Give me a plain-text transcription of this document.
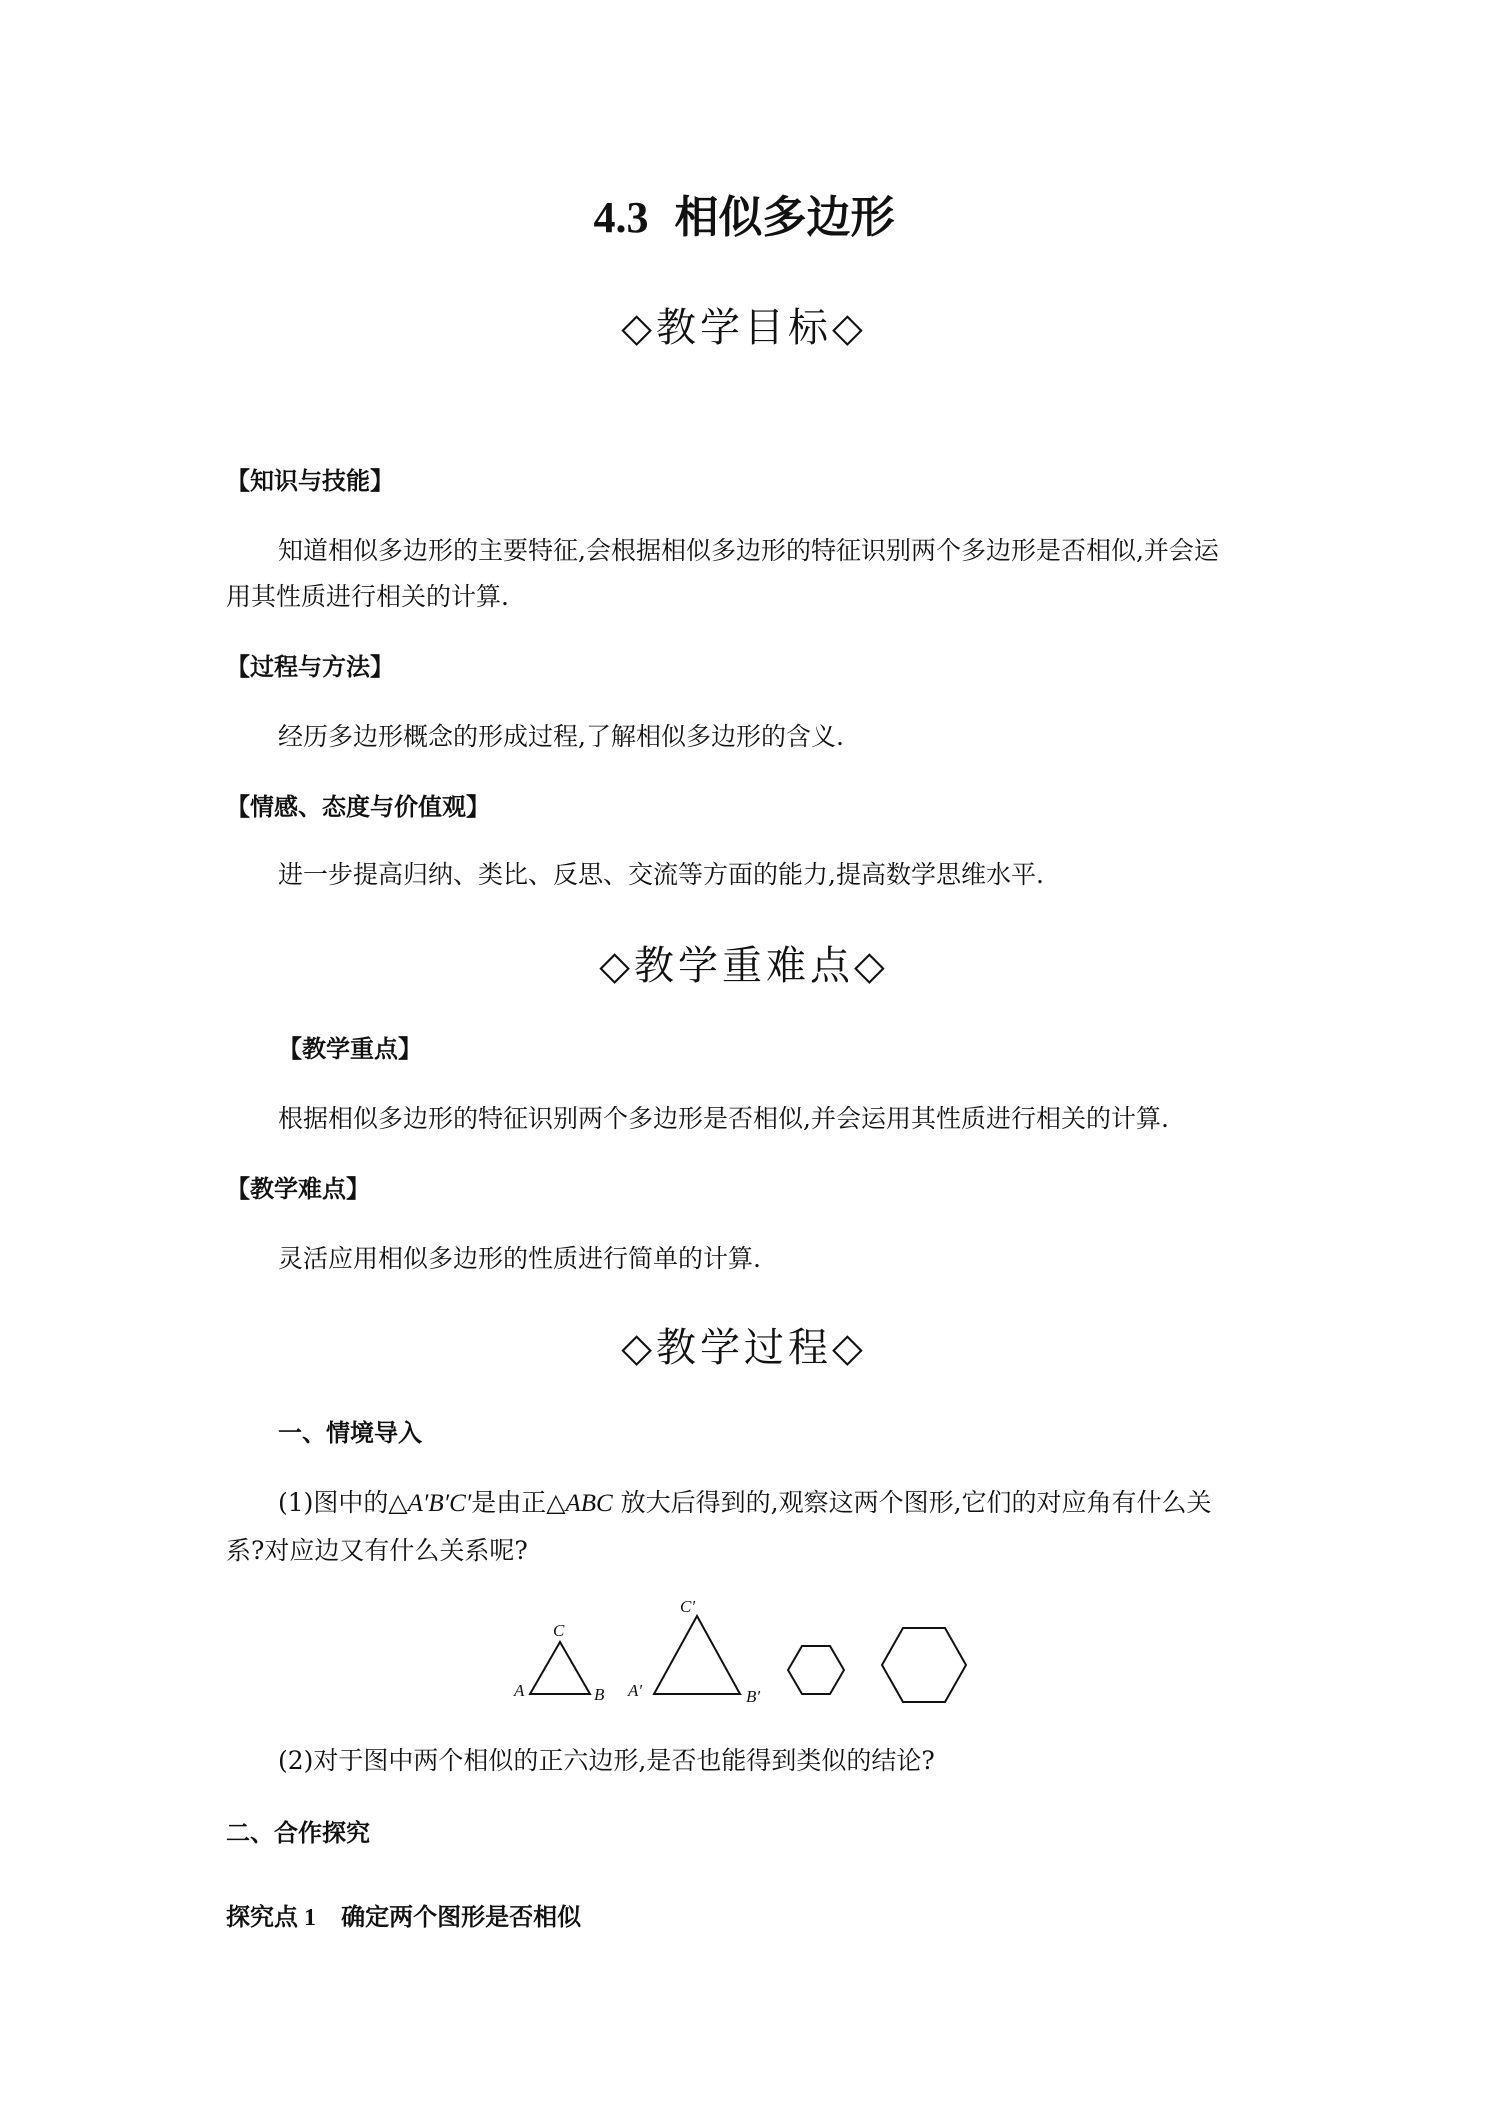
4.3 相似多边形
◇教学目标◇
【知识与技能】
知道相似多边形的主要特征,会根据相似多边形的特征识别两个多边形是否相似,并会运
用其性质进行相关的计算.
【过程与方法】
经历多边形概念的形成过程,了解相似多边形的含义.
【情感、态度与价值观】
进一步提高归纳、类比、反思、交流等方面的能力,提高数学思维水平.
◇教学重难点◇
【教学重点】
根据相似多边形的特征识别两个多边形是否相似,并会运用其性质进行相关的计算.
【教学难点】
灵活应用相似多边形的性质进行简单的计算.
◇教学过程◇
一、情境导入
(1)图中的△A′B′C′是由正△ABC 放大后得到的,观察这两个图形,它们的对应角有什么关
系?对应边又有什么关系呢?
C
A	B
C′
A′	B′
(2)对于图中两个相似的正六边形,是否也能得到类似的结论?
二、合作探究
探究点 1 确定两个图形是否相似
